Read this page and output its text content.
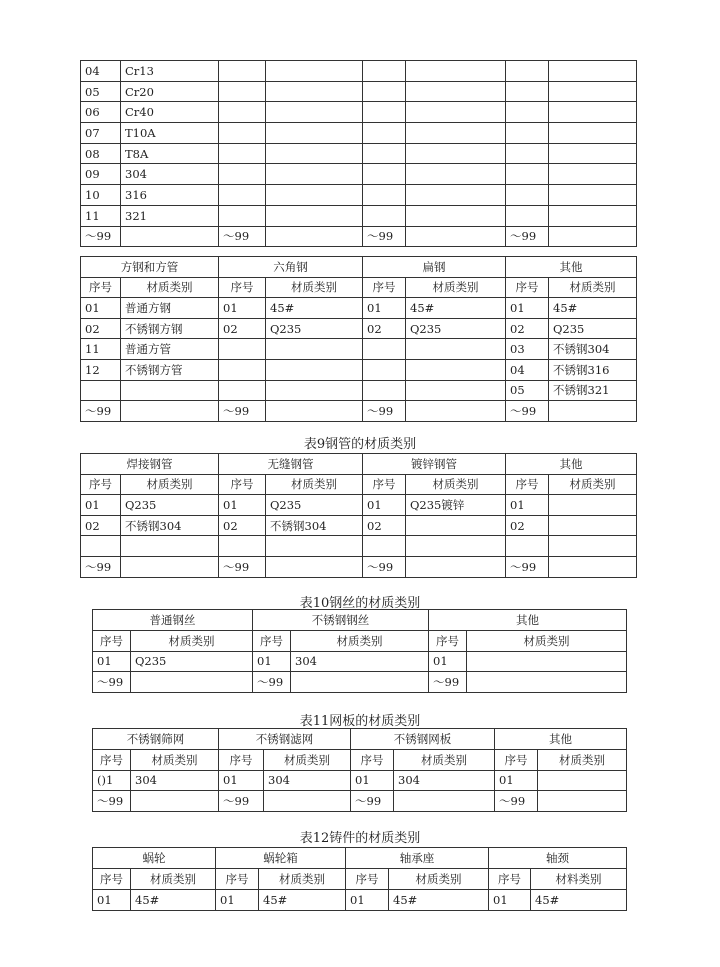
04	Cr13						
05	Cr20						
06	Cr40						
07	T10A						
08	T8A						
09	304						
10	316						
11	321						
～99		～99		～99		～99	
方钢和方管		六角钢		扁钢		其他	
序号	材质类别	序号	材质类别	序号	材质类别	序号	材质类别
01	普通方钢	01	45#	01	45#	01	45#
02	不锈钢方钢	02	Q235	02	Q235	02	Q235
11	普通方管					03	不锈钢304
12	不锈钢方管					04	不锈钢316
						05	不锈钢321
～99		～99		～99		～99	
表9钢管的材质类别
焊接钢管		无缝钢管		镀锌钢管		其他	
序号	材质类别	序号	材质类别	序号	材质类别	序号	材质类别
01	Q235	01	Q235	01	Q235镀锌	01	
02	不锈钢304	02	不锈钢304	02		02	

～99		～99		～99		～99	
表10钢丝的材质类别
普通钢丝		不锈钢钢丝		其他	
序号	材质类别	序号	材质类别	序号	材质类别
01	Q235	01	304	01	
～99		～99		～99	
表11网板的材质类别
不锈钢筛网		不锈钢滤网		不锈钢网板		其他	
序号	材质类别	序号	材质类别	序号	材质类别	序号	材质类别
()1	304	01	304	01	304	01	
～99		～99		～99		～99	
表12铸件的材质类别
蜗轮		蜗轮箱		轴承座		轴颈	
序号	材质类别	序号	材质类别	序号	材质类别	序号	材料类别
01	45#	01	45#	01	45#	01	45#
